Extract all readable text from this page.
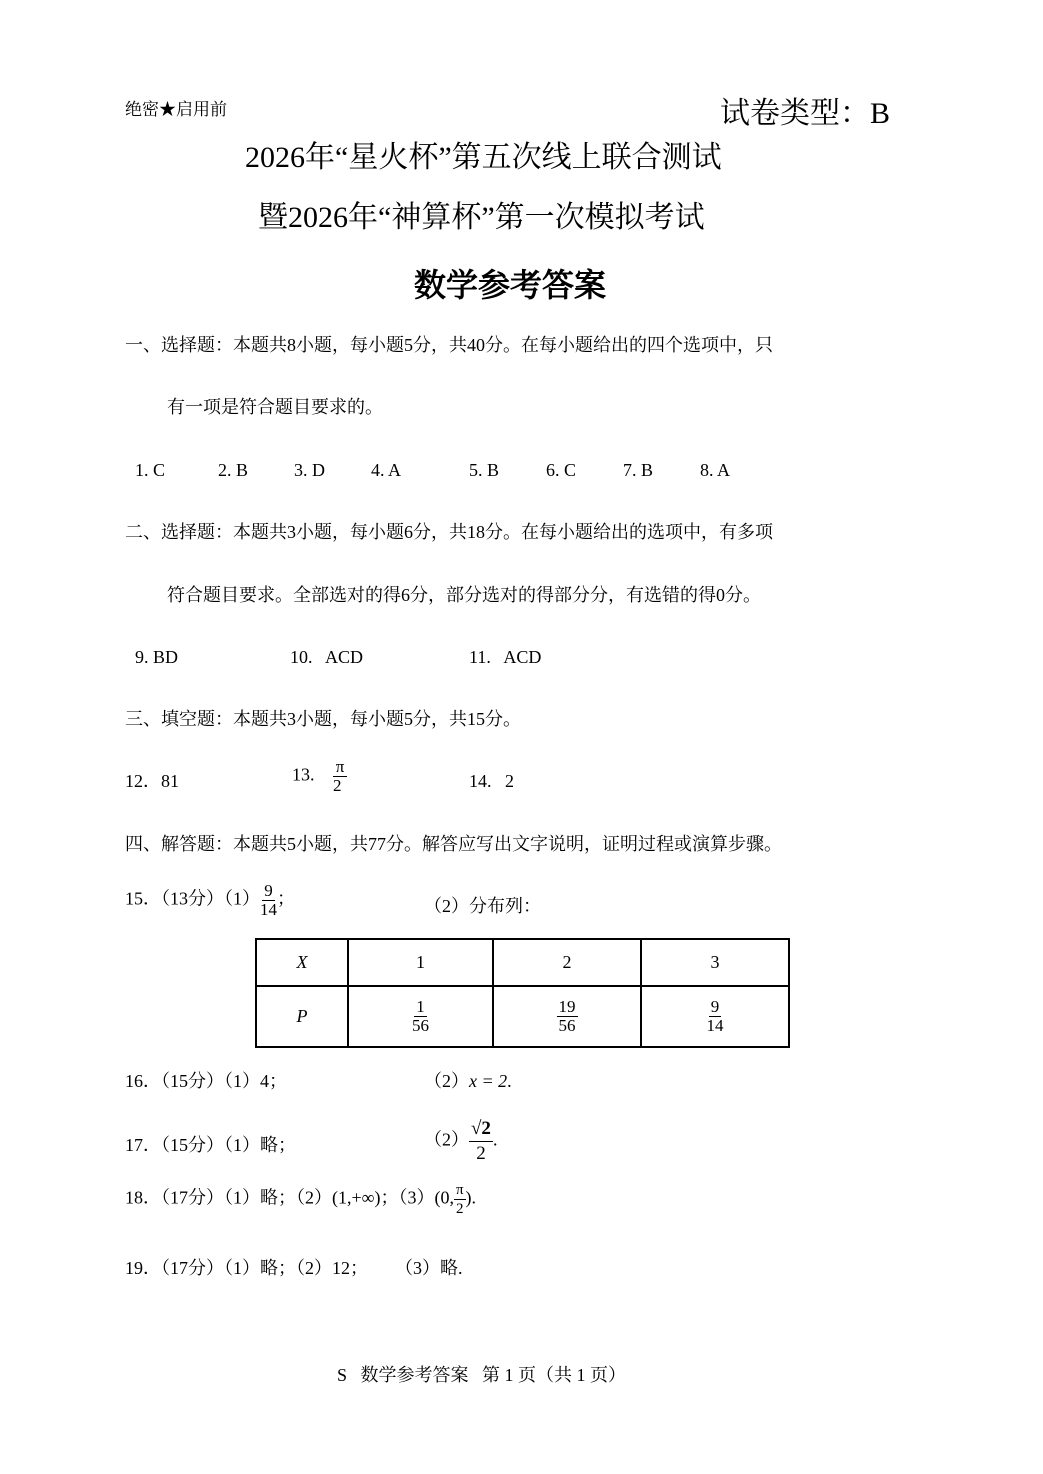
绝密★启用前	试卷类型：B
2026年“星火杯”第五次线上联合测试
暨2026年“神算杯”第一次模拟考试
数学参考答案
一、选择题：本题共8小题，每小题5分，共40分。在每小题给出的四个选项中，只
有一项是符合题目要求的。
1. C	2. B	3. D	4. A	5. B	6. C	7. B	8. A
二、选择题：本题共3小题，每小题6分，共18分。在每小题给出的选项中，有多项
符合题目要求。全部选对的得6分，部分选对的得部分分，有选错的得0分。
9. BD	10.   ACD	11.   ACD
三、填空题：本题共3小题，每小题5分，共15分。
12．81	13. $\frac{\pi}{2}$	14.   2
四、解答题：本题共5小题，共77分。解答应写出文字说明，证明过程或演算步骤。
15．（13分）$(1) \frac{9}{14}$ ；	（2）分布列：
X	1	2	3
P	$\frac{1}{56}$	$\frac{19}{56}$	$\frac{9}{14}$
16．（15分）（1）4；	（2）x = 2.
17．（15分）（1）略；	$(2) \frac{√2}{2}$ .
18．（17分）（1）略；（2）(1,+∞)；（3）(0, $\frac{\pi}{2}$ ).
19．（17分）（1）略；（2）12；      （3）略.
S   数学参考答案   第 1 页（共 1 页）
